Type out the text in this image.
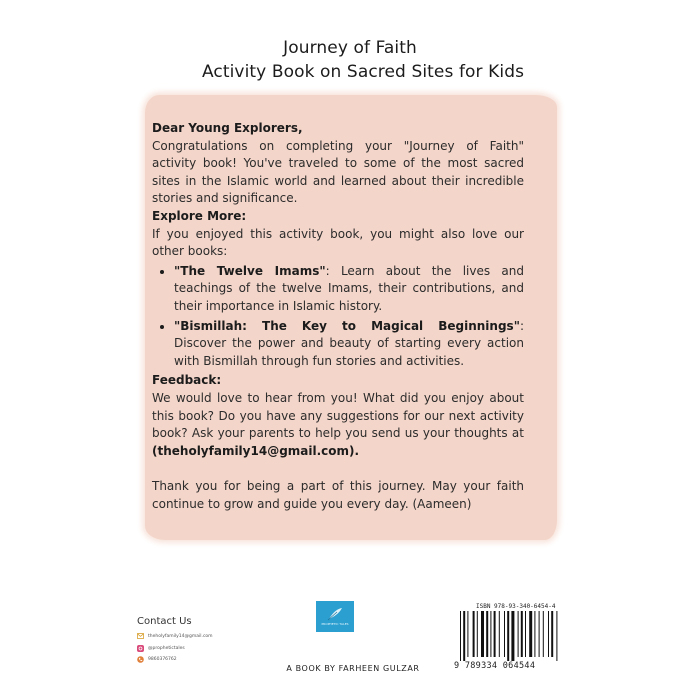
Journey of Faith
Activity Book on Sacred Sites for Kids

Dear Young Explorers,

Congratulations on completing your "Journey of Faith" activity book! You've traveled to some of the most sacred sites in the Islamic world and learned about their incredible stories and significance.

Explore More:

If you enjoyed this activity book, you might also love our other books:

• "The Twelve Imams": Learn about the lives and teachings of the twelve Imams, their contributions, and their importance in Islamic history.
• "Bismillah: The Key to Magical Beginnings": Discover the power and beauty of starting every action with Bismillah through fun stories and activities.

Feedback:

We would love to hear from you! What did you enjoy about this book? Do you have any suggestions for our next activity book? Ask your parents to help you send us your thoughts at (theholyfamily14@gmail.com).

Thank you for being a part of this journey. May your faith continue to grow and guide you every day. (Aameen)

Contact Us
theholyfamily14@gmail.com
@prophetictales
9860376762
PROPHETIC TALES
A BOOK BY FARHEEN GULZAR
ISBN 978-93-340-6454-4
9 789334 064544
